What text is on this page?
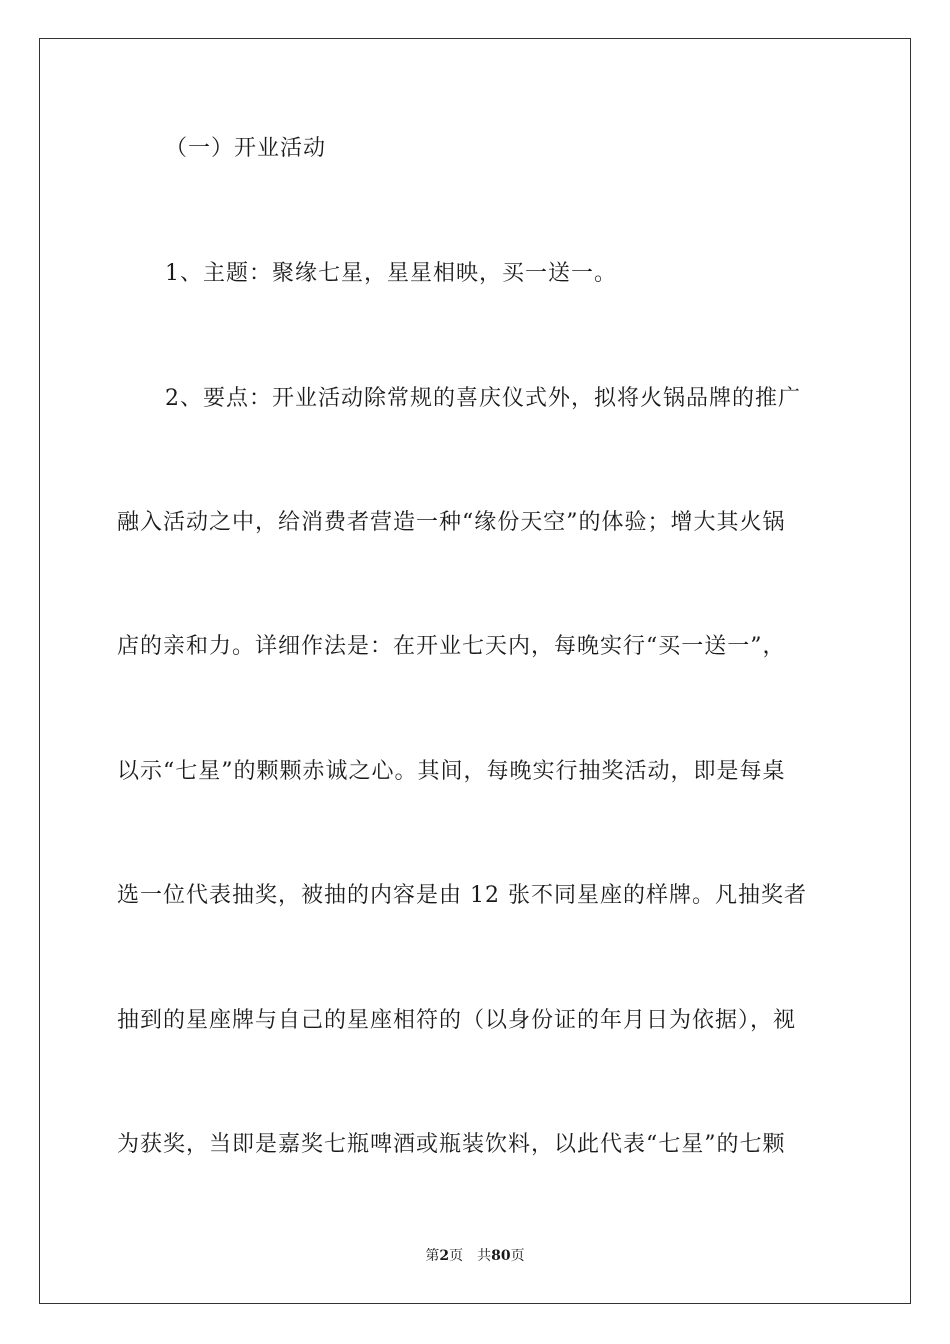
（一）开业活动
1、主题：聚缘七星，星星相映，买一送一。
2、要点：开业活动除常规的喜庆仪式外，拟将火锅品牌的推广
融入活动之中，给消费者营造一种“缘份天空”的体验；增大其火锅
店的亲和力。详细作法是：在开业七天内，每晚实行“买一送一”，
以示“七星”的颗颗赤诚之心。其间，每晚实行抽奖活动，即是每桌
选一位代表抽奖，被抽的内容是由 12 张不同星座的样牌。凡抽奖者
抽到的星座牌与自己的星座相符的（以身份证的年月日为依据），视
为获奖，当即是嘉奖七瓶啤酒或瓶装饮料，以此代表“七星”的七颗
第2页 共80页
